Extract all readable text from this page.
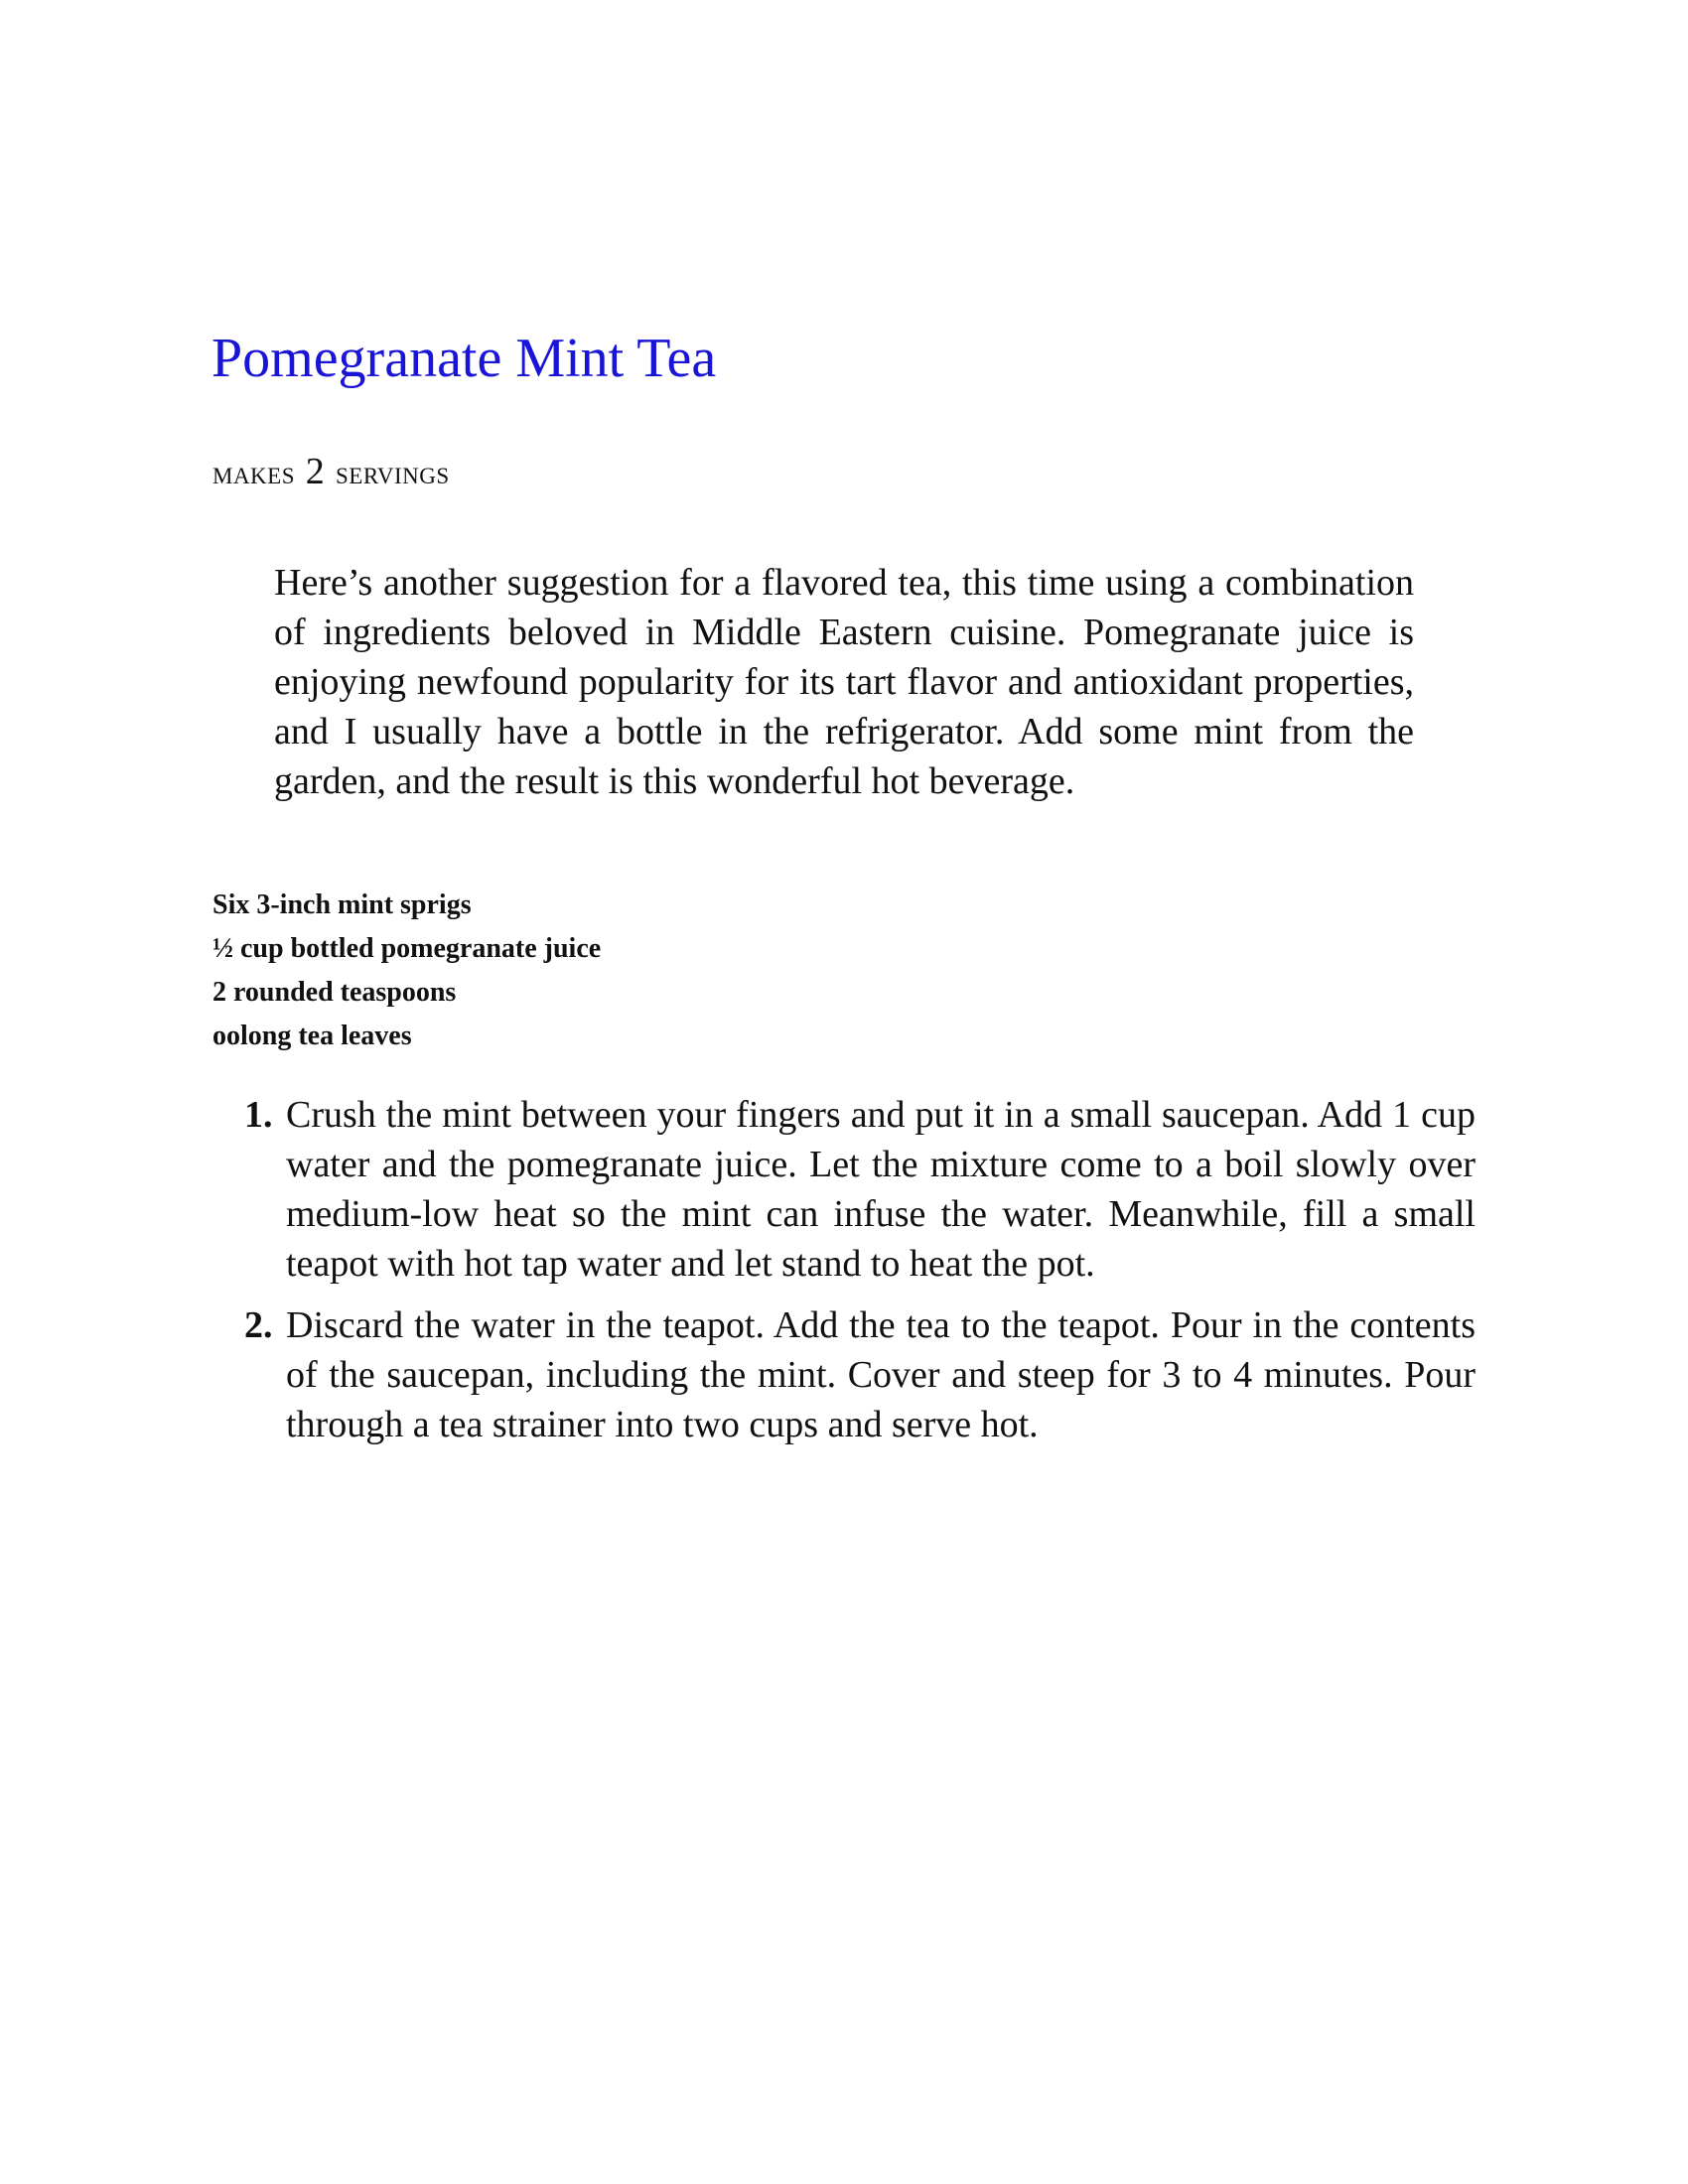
Pomegranate Mint Tea
MAKES 2 SERVINGS

Here’s another suggestion for a flavored tea, this time using a combination of ingredients beloved in Middle Eastern cuisine. Pomegranate juice is enjoying newfound popularity for its tart flavor and antioxidant properties, and I usually have a bottle in the refrigerator. Add some mint from the garden, and the result is this wonderful hot beverage.

Six 3-inch mint sprigs
½ cup bottled pomegranate juice
2 rounded teaspoons
oolong tea leaves
1. Crush the mint between your fingers and put it in a small saucepan. Add 1 cup water and the pomegranate juice. Let the mixture come to a boil slowly over medium-low heat so the mint can infuse the water. Meanwhile, fill a small teapot with hot tap water and let stand to heat the pot.
2. Discard the water in the teapot. Add the tea to the teapot. Pour in the contents of the saucepan, including the mint. Cover and steep for 3 to 4 minutes. Pour through a tea strainer into two cups and serve hot.
